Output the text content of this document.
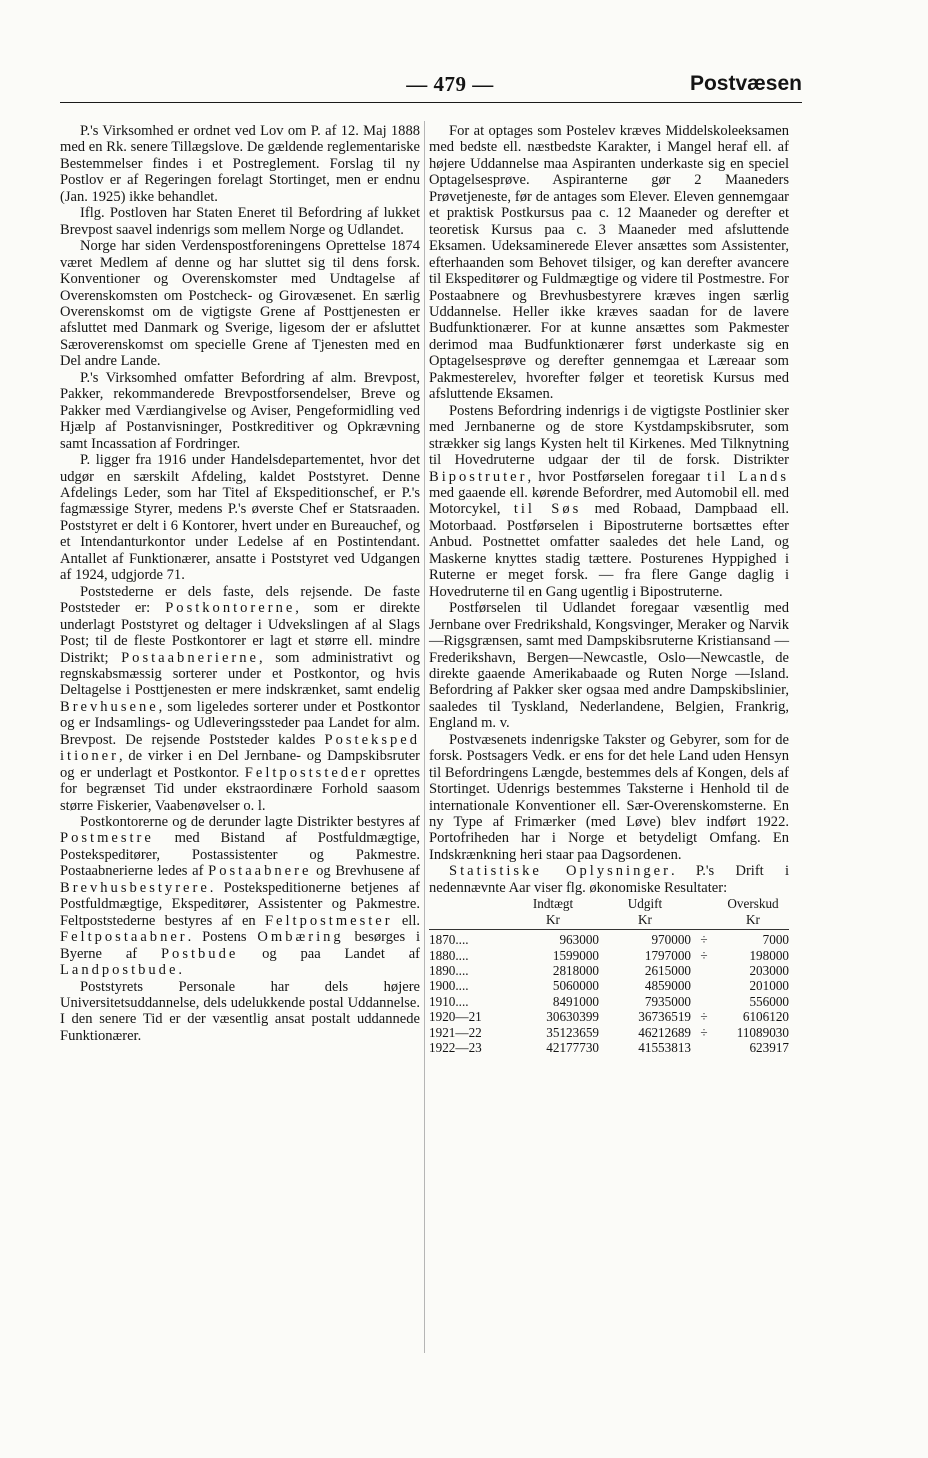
— 479 —	Postvæsen

P.'s Virksomhed er ordnet ved Lov om P. af 12. Maj 1888 med en Rk. senere Tillægslove. De gældende reglementariske Bestemmelser findes i et Postreglement. Forslag til ny Postlov er af Regeringen forelagt Stortinget, men er endnu (Jan. 1925) ikke behandlet.

Iflg. Postloven har Staten Eneret til Befordring af lukket Brevpost saavel indenrigs som mellem Norge og Udlandet.

Norge har siden Verdenspostforeningens Oprettelse 1874 været Medlem af denne og har sluttet sig til dens forsk. Konventioner og Overenskomster med Undtagelse af Overenskomsten om Postcheck- og Girovæsenet. En særlig Overenskomst om de vigtigste Grene af Posttjenesten er afsluttet med Danmark og Sverige, ligesom der er afsluttet Særoverenskomst om specielle Grene af Tjenesten med en Del andre Lande.

P.'s Virksomhed omfatter Befordring af alm. Brevpost, Pakker, rekommanderede Brevpostforsendelser, Breve og Pakker med Værdiangivelse og Aviser, Pengeformidling ved Hjælp af Postanvisninger, Postkreditiver og Opkrævning samt Incassation af Fordringer.

P. ligger fra 1916 under Handelsdepartementet, hvor det udgør en særskilt Afdeling, kaldet Poststyret. Denne Afdelings Leder, som har Titel af Ekspeditionschef, er P.'s fagmæssige Styrer, medens P.'s øverste Chef er Statsraaden. Poststyret er delt i 6 Kontorer, hvert under en Bureauchef, og et Intendanturkontor under Ledelse af en Postintendant. Antallet af Funktionærer, ansatte i Poststyret ved Udgangen af 1924, udgjorde 71.

Poststederne er dels faste, dels rejsende. De faste Poststeder er: Postkontorerne, som er direkte underlagt Poststyret og deltager i Udvekslingen af al Slags Post; til de fleste Postkontorer er lagt et større ell. mindre Distrikt; Postaabnerierne, som administrativt og regnskabsmæssig sorterer under et Postkontor, og hvis Deltagelse i Posttjenesten er mere indskrænket, samt endelig Brevhusene, som ligeledes sorterer under et Postkontor og er Indsamlings- og Udleveringssteder paa Landet for alm. Brevpost. De rejsende Poststeder kaldes Posteksped itioner, de virker i en Del Jernbane- og Dampskibsruter og er underlagt et Postkontor. Feltpoststeder oprettes for begrænset Tid under ekstraordinære Forhold saasom større Fiskerier, Vaabenøvelser o. l.

Postkontorerne og de derunder lagte Distrikter bestyres af Postmestre med Bistand af Postfuldmægtige, Postekspeditører, Postassistenter og Pakmestre. Postaabnerierne ledes af Postaabnere og Brevhusene af Brevhusbestyrere. Postekspeditionerne betjenes af Postfuldmægtige, Ekspeditører, Assistenter og Pakmestre. Feltpoststederne bestyres af en Feltpostmester ell. Feltpostaabner. Postens Ombæring besørges i Byerne af Postbude og paa Landet af Landpostbude.

Poststyrets Personale har dels højere Universitetsuddannelse, dels udelukkende postal Uddannelse. I den senere Tid er der væsentlig ansat postalt uddannede Funktionærer.

For at optages som Postelev kræves Middelskoleeksamen med bedste ell. næstbedste Karakter, i Mangel heraf ell. af højere Uddannelse maa Aspiranten underkaste sig en speciel Optagelsesprøve. Aspiranterne gør 2 Maaneders Prøvetjeneste, før de antages som Elever. Eleven gennemgaar et praktisk Postkursus paa c. 12 Maaneder og derefter et teoretisk Kursus paa c. 3 Maaneder med afsluttende Eksamen. Udeksaminerede Elever ansættes som Assistenter, efterhaanden som Behovet tilsiger, og kan derefter avancere til Ekspeditører og Fuldmægtige og videre til Postmestre. For Postaabnere og Brevhusbestyrere kræves ingen særlig Uddannelse. Heller ikke kræves saadan for de lavere Budfunktionærer. For at kunne ansættes som Pakmester derimod maa Budfunktionærer først underkaste sig en Optagelsesprøve og derefter gennemgaa et Læreaar som Pakmesterelev, hvorefter følger et teoretisk Kursus med afsluttende Eksamen.

Postens Befordring indenrigs i de vigtigste Postlinier sker med Jernbanerne og de store Kystdampskibsruter, som strækker sig langs Kysten helt til Kirkenes. Med Tilknytning til Hovedruterne udgaar der til de forsk. Distrikter Bipostruter, hvor Postførselen foregaar til Lands med gaaende ell. kørende Befordrer, med Automobil ell. med Motorcykel, til Søs med Robaad, Dampbaad ell. Motorbaad. Postførselen i Bipostruterne bortsættes efter Anbud. Postnettet omfatter saaledes det hele Land, og Maskerne knyttes stadig tættere. Posturenes Hyppighed i Ruterne er meget forsk. — fra flere Gange daglig i Hovedruterne til en Gang ugentlig i Bipostruterne.

Postførselen til Udlandet foregaar væsentlig med Jernbane over Fredrikshald, Kongsvinger, Meraker og Narvik—Rigsgrænsen, samt med Dampskibsruterne Kristiansand — Frederikshavn, Bergen—Newcastle, Oslo—Newcastle, de direkte gaaende Amerikabaade og Ruten Norge —Island. Befordring af Pakker sker ogsaa med andre Dampskibslinier, saaledes til Tyskland, Nederlandene, Belgien, Frankrig, England m. v.

Postvæsenets indenrigske Takster og Gebyrer, som for de forsk. Postsagers Vedk. er ens for det hele Land uden Hensyn til Befordringens Længde, bestemmes dels af Kongen, dels af Stortinget. Udenrigs bestemmes Taksterne i Henhold til de internationale Konventioner ell. Sær-Overenskomsterne. En ny Type af Frimærker (med Løve) blev indført 1922. Portofriheden har i Norge et betydeligt Omfang. En Indskrænkning heri staar paa Dagsordenen.

Statistiske Oplysninger. P.'s Drift i nedennævnte Aar viser flg. økonomiske Resultater:

	Indtægt
Kr	Udgift
Kr		Overskud
Kr
1870....	963000	970000	÷	7000
1880....	1599000	1797000	÷	198000
1890....	2818000	2615000		203000
1900....	5060000	4859000		201000
1910....	8491000	7935000		556000
1920—21	30630399	36736519	÷	6106120
1921—22	35123659	46212689	÷	11089030
1922—23	42177730	41553813		623917
